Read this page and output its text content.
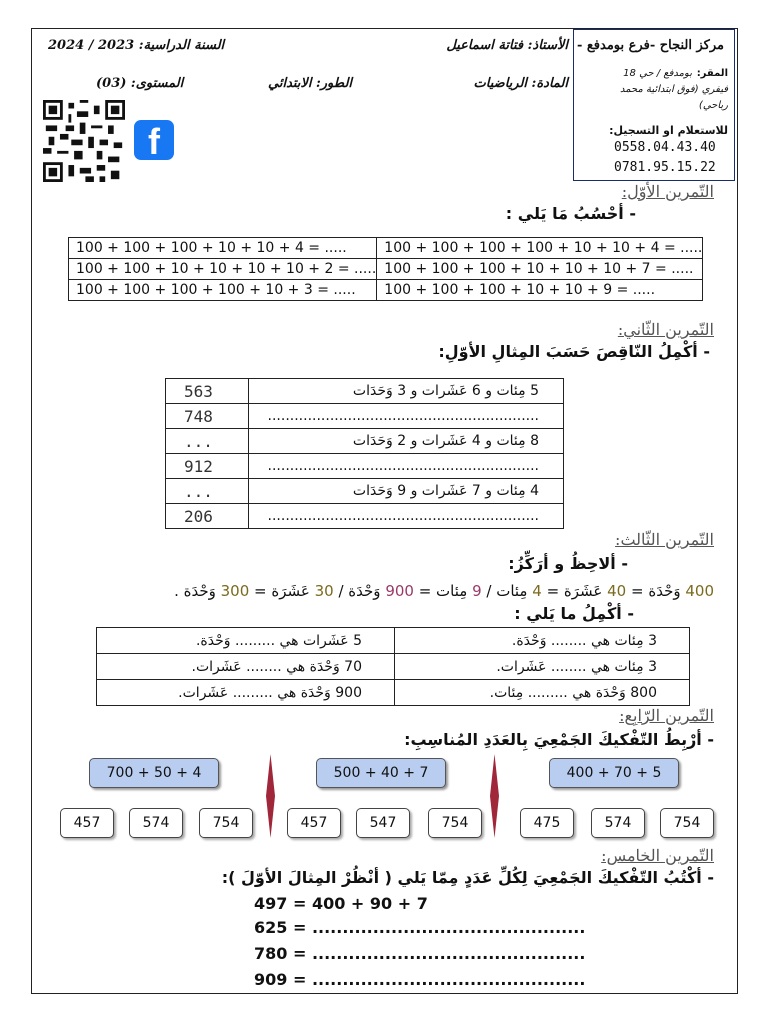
السنة الدراسية: 2023 / 2024	الأستاذ: فتاتة اسماعيل
المادة: الرياضيات
الطور: الابتدائي
المستوى: (03)
مركز النجاح -فرع بومدفع -
المقر:
بومدفع / حي 18
فيفري (فوق ابتدائية محمد
رباحي)
للاستعلام او التسجيل:
0558.04.43.40
0781.95.15.22
f
التّمرين الأوّل:
- أحْسُبُ مَا يَلي :
100 + 100 + 100 + 10 + 10 + 4 = .....	100 + 100 + 100 + 100 + 10 + 10 + 4 = .....
100 + 100 + 10 + 10 + 10 + 10 + 2 = .....	100 + 100 + 100 + 10 + 10 + 10 + 7 = .....
100 + 100 + 100 + 100 + 10 + 3 = .....	100 + 100 + 100 + 10 + 10 + 9 = .....
التّمرين الثّاني:
- أكْمِلُ النّاقِصَ حَسَبَ المِثالِ الأوّلِ:
563	5 مِئات و 6 عَشَرات و 3 وَحَدَات
748	.............................................................
...	8 مِئات و 4 عَشَرات و 2 وَحَدَات
912	.............................................................
...	4 مِئات و 7 عَشَرات و 9 وَحَدَات
206	.............................................................
التّمرين الثّالث:
- ألاحِظُ و أرَكِّزُ:
400 وَحْدَة = 40 عَشَرَة = 4 مِئات / 9 مِئات = 900 وَحْدَة / 30 عَشَرَة = 300 وَحْدَة .
- أكْمِلُ ما يَلي :
5 عَشَرات هي ......... وَحْدَة.	3 مِئات هي ........ وَحْدَة.
70 وَحْدَة هي ........ عَشَرات.	3 مِئات هي ........ عَشَرات.
900 وَحْدَة هي ......... عَشَرات.	800 وَحْدَة هي ......... مِئات.
التّمرين الرّابِع:
- أرْبِطُ التّفْكيكَ الجَمْعِيَ بِالعَدَدِ المُناسِبِ:
700 + 50 + 4	500 + 40 + 7	400 + 70 + 5
457	574	754	457	547	754	475	574	754
التّمرين الخامس:
- أكْتُبُ التّفْكيكَ الجَمْعِيَ لِكُلِّ عَدَدٍ مِمّا يَلي ( أنْظُرْ المِثالَ الأوّلَ ):
497 = 400 + 90 + 7
625 = .............................................
780 = .............................................
909 = .............................................
